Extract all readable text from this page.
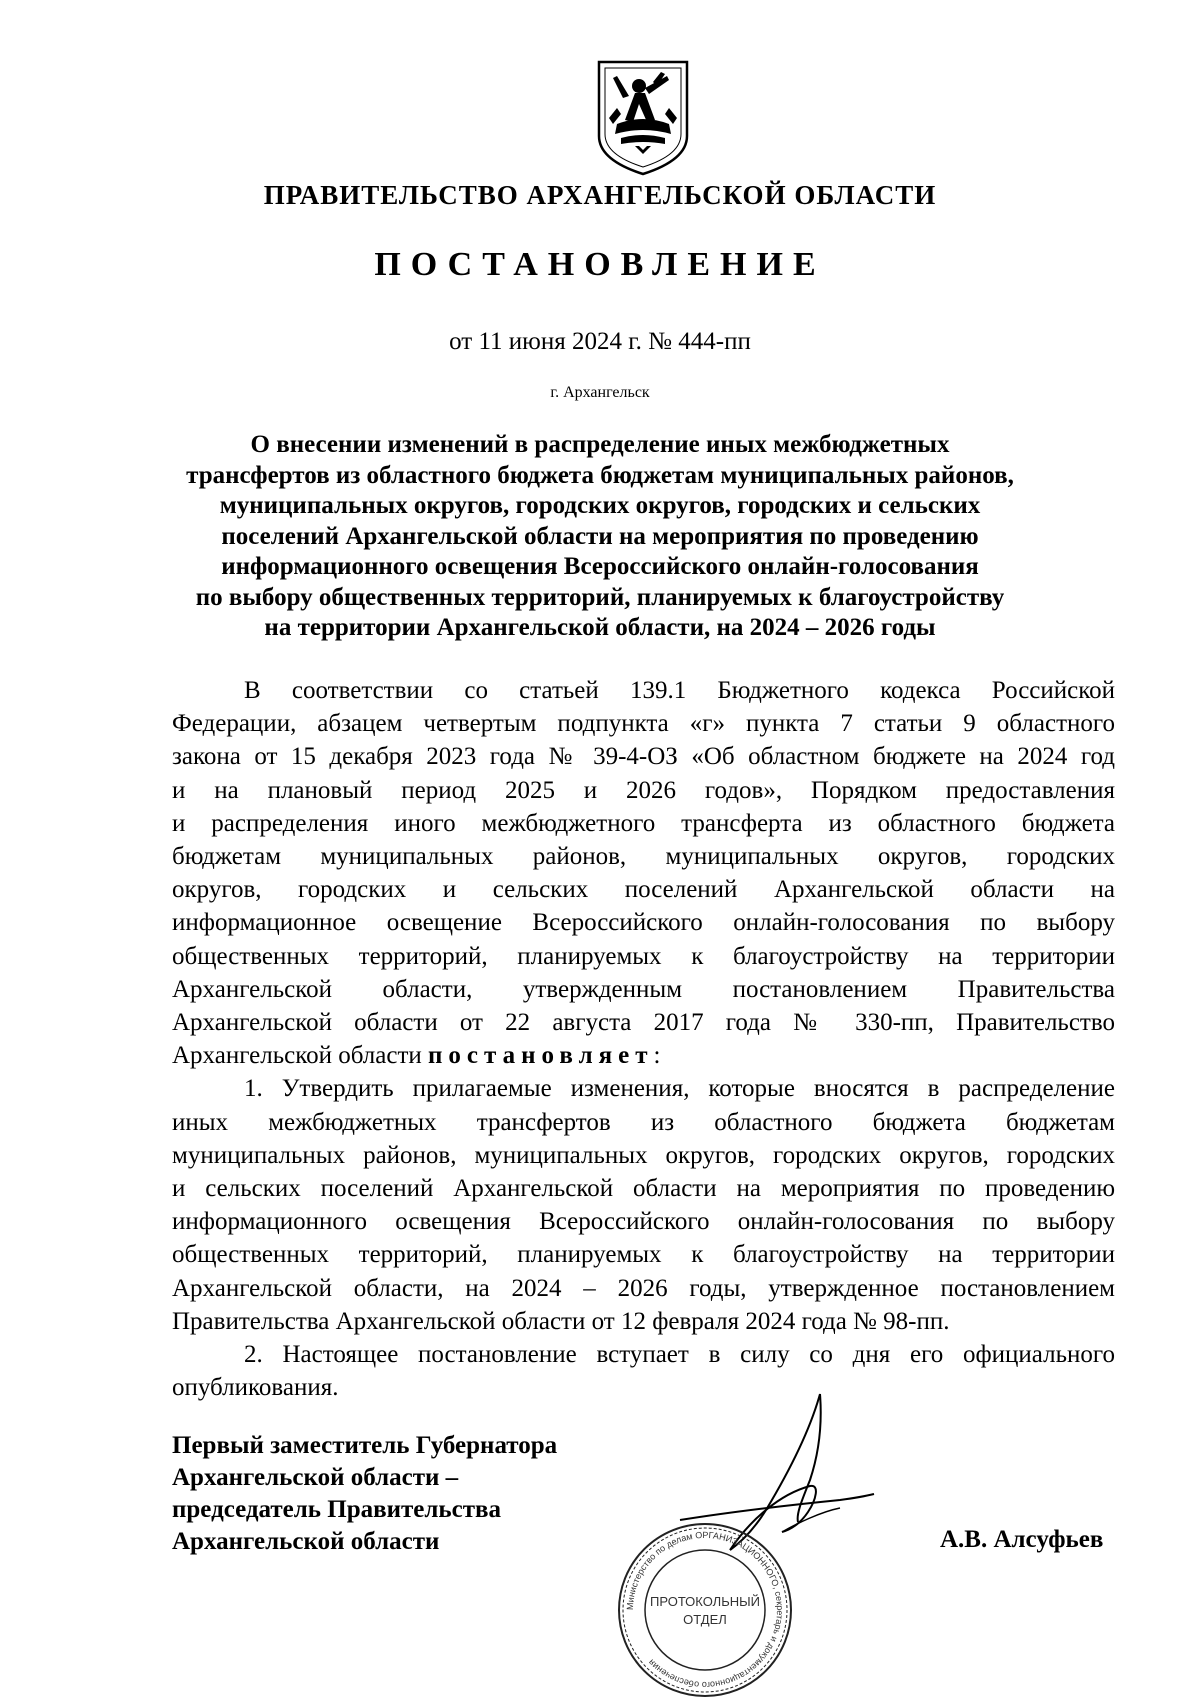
ПРАВИТЕЛЬСТВО АРХАНГЕЛЬСКОЙ ОБЛАСТИ
ПОСТАНОВЛЕНИЕ
от 11 июня 2024 г. № 444-пп
г. Архангельск
О внесении изменений в распределение иных межбюджетных
трансфертов из областного бюджета бюджетам муниципальных районов,
муниципальных округов, городских округов, городских и сельских
поселений Архангельской области на мероприятия по проведению
информационного освещения Всероссийского онлайн-голосования
по выбору общественных территорий, планируемых к благоустройству
на территории Архангельской области, на 2024 – 2026 годы
В соответствии со статьей 139.1 Бюджетного кодекса Российской
Федерации, абзацем четвертым подпункта «г» пункта 7 статьи 9 областного
закона от 15 декабря 2023 года № 39-4-ОЗ «Об областном бюджете на 2024 год
и на плановый период 2025 и 2026 годов», Порядком предоставления
и распределения иного межбюджетного трансферта из областного бюджета
бюджетам муниципальных районов, муниципальных округов, городских
округов, городских и сельских поселений Архангельской области на
информационное освещение Всероссийского онлайн-голосования по выбору
общественных территорий, планируемых к благоустройству на территории
Архангельской области, утвержденным постановлением Правительства
Архангельской области от 22 августа 2017 года № 330-пп, Правительство
Архангельской области постановляет:
1. Утвердить прилагаемые изменения, которые вносятся в распределение
иных межбюджетных трансфертов из областного бюджета бюджетам
муниципальных районов, муниципальных округов, городских округов, городских
и сельских поселений Архангельской области на мероприятия по проведению
информационного освещения Всероссийского онлайн-голосования по выбору
общественных территорий, планируемых к благоустройству на территории
Архангельской области, на 2024 – 2026 годы, утвержденное постановлением
Правительства Архангельской области от 12 февраля 2024 года № 98-пп.
2. Настоящее постановление вступает в силу со дня его официального
опубликования.
Первый заместитель Губернатора
Архангельской области –
председатель Правительства
Архангельской области	А.В. Алсуфьев
Министерство по делам ОРГАНИЗАЦИОННОГО, секретарь и документационного обеспечения
ПРОТОКОЛЬНЫЙ
ОТДЕЛ
